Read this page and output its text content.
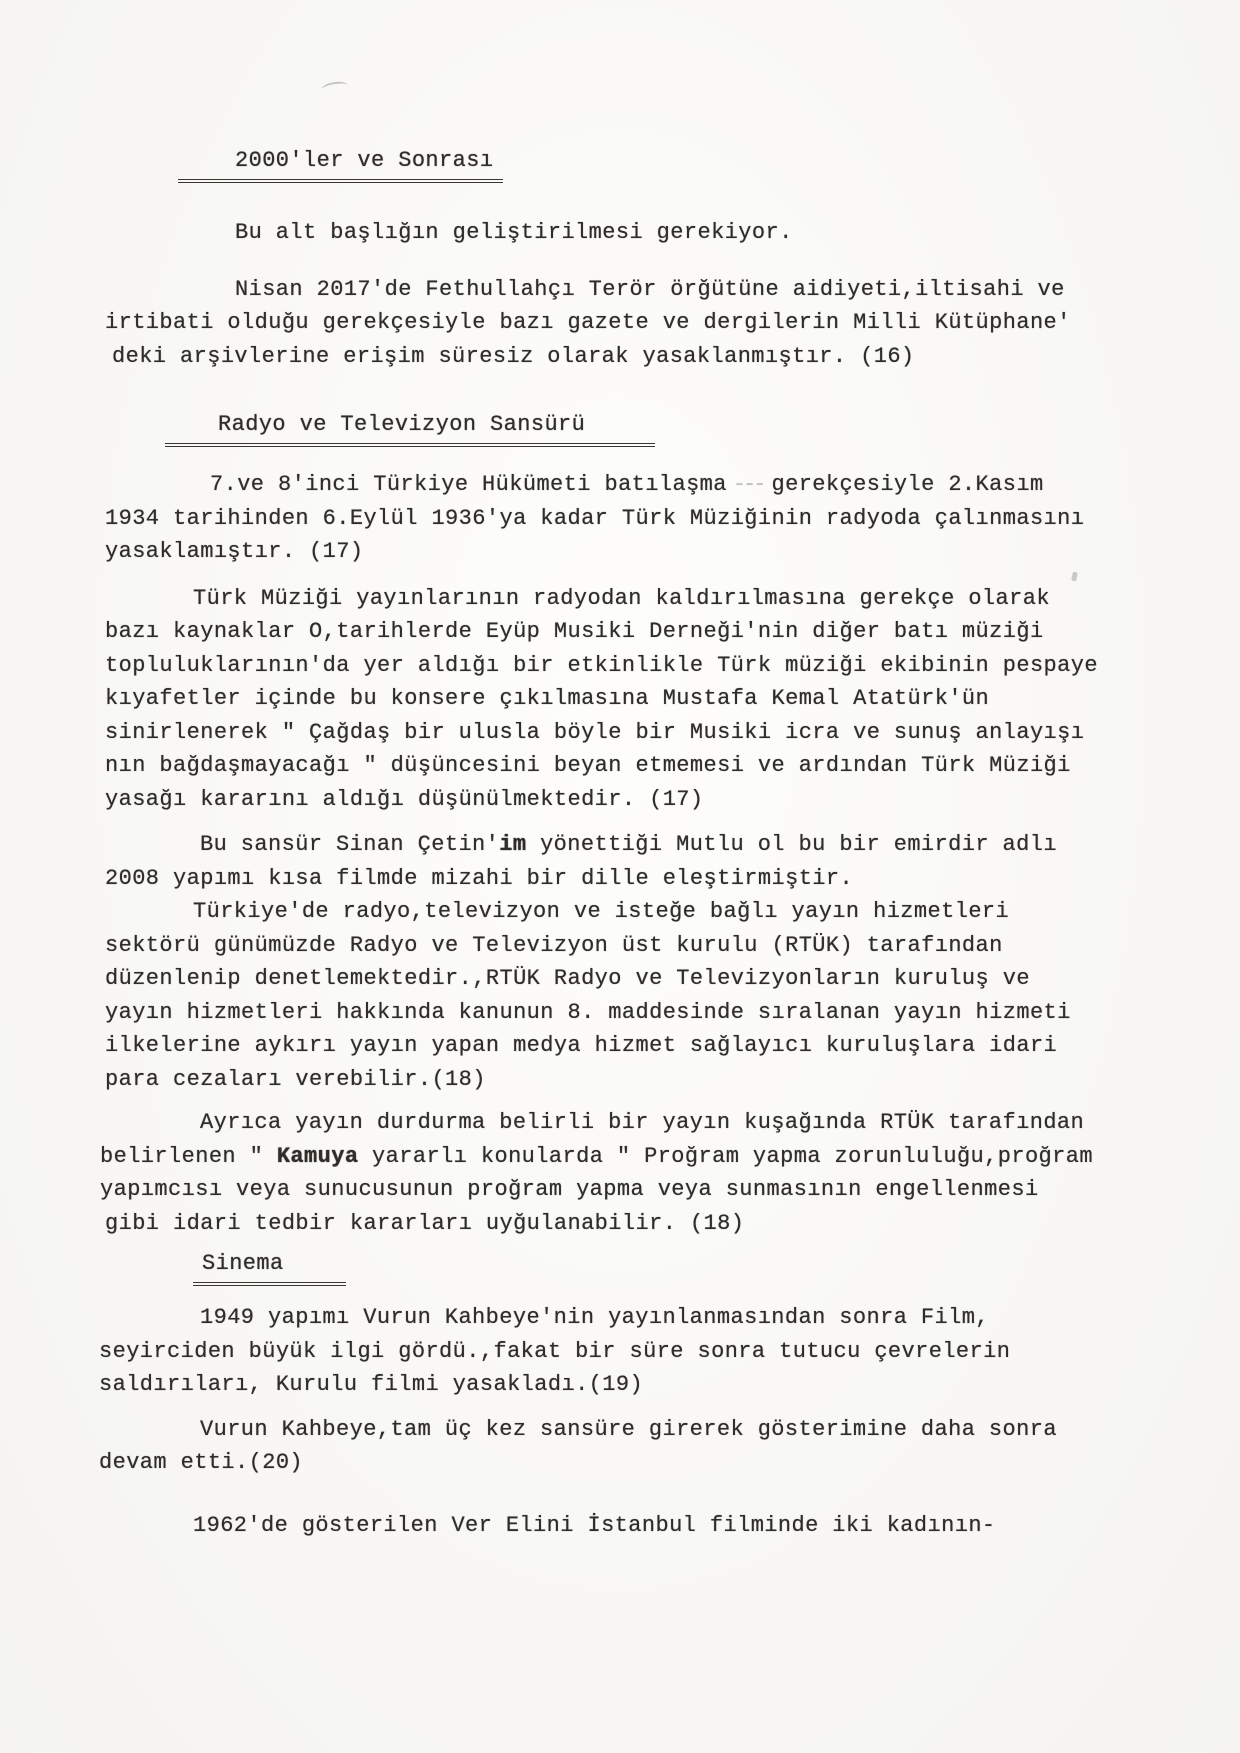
2000'ler ve Sonrası

Bu alt başlığın geliştirilmesi gerekiyor.

Nisan 2017'de Fethullahçı Terör örğütüne aidiyeti,iltisahi ve

irtibati olduğu gerekçesiyle bazı gazete ve dergilerin Milli Kütüphane'

deki arşivlerine erişim süresiz olarak yasaklanmıştır. (16)

Radyo ve Televizyon Sansürü

7.ve 8'inci Türkiye Hükümeti batılaşma --- gerekçesiyle 2.Kasım

1934 tarihinden 6.Eylül 1936'ya kadar Türk Müziğinin radyoda çalınmasını

yasaklamıştır. (17)

Türk Müziği yayınlarının radyodan kaldırılmasına gerekçe olarak

bazı kaynaklar O,tarihlerde Eyüp Musiki Derneği'nin diğer batı müziği

topluluklarının'da yer aldığı bir etkinlikle Türk müziği ekibinin pespaye

kıyafetler içinde bu konsere çıkılmasına Mustafa Kemal Atatürk'ün

sinirlenerek " Çağdaş bir ulusla böyle bir Musiki icra ve sunuş anlayışı

nın bağdaşmayacağı " düşüncesini beyan etmemesi ve ardından Türk Müziği

yasağı kararını aldığı düşünülmektedir. (17)

Bu sansür Sinan Çetin'im yönettiği Mutlu ol bu bir emirdir adlı

2008 yapımı kısa filmde mizahi bir dille eleştirmiştir.

Türkiye'de radyo,televizyon ve isteğe bağlı yayın hizmetleri

sektörü günümüzde Radyo ve Televizyon üst kurulu (RTÜK) tarafından

düzenlenip denetlemektedir.,RTÜK Radyo ve Televizyonların kuruluş ve

yayın hizmetleri hakkında kanunun 8. maddesinde sıralanan yayın hizmeti

ilkelerine aykırı yayın yapan medya hizmet sağlayıcı kuruluşlara idari

para cezaları verebilir.(18)

Ayrıca yayın durdurma belirli bir yayın kuşağında RTÜK tarafından

belirlenen " Kamuya yararlı konularda " Proğram yapma zorunluluğu,proğram

yapımcısı veya sunucusunun proğram yapma veya sunmasının engellenmesi

gibi idari tedbir kararları uyğulanabilir. (18)

Sinema

1949 yapımı Vurun Kahbeye'nin yayınlanmasından sonra Film,

seyirciden büyük ilgi gördü.,fakat bir süre sonra tutucu çevrelerin

saldırıları, Kurulu filmi yasakladı.(19)

Vurun Kahbeye,tam üç kez sansüre girerek gösterimine daha sonra

devam etti.(20)

1962'de gösterilen Ver Elini İstanbul filminde iki kadının-
